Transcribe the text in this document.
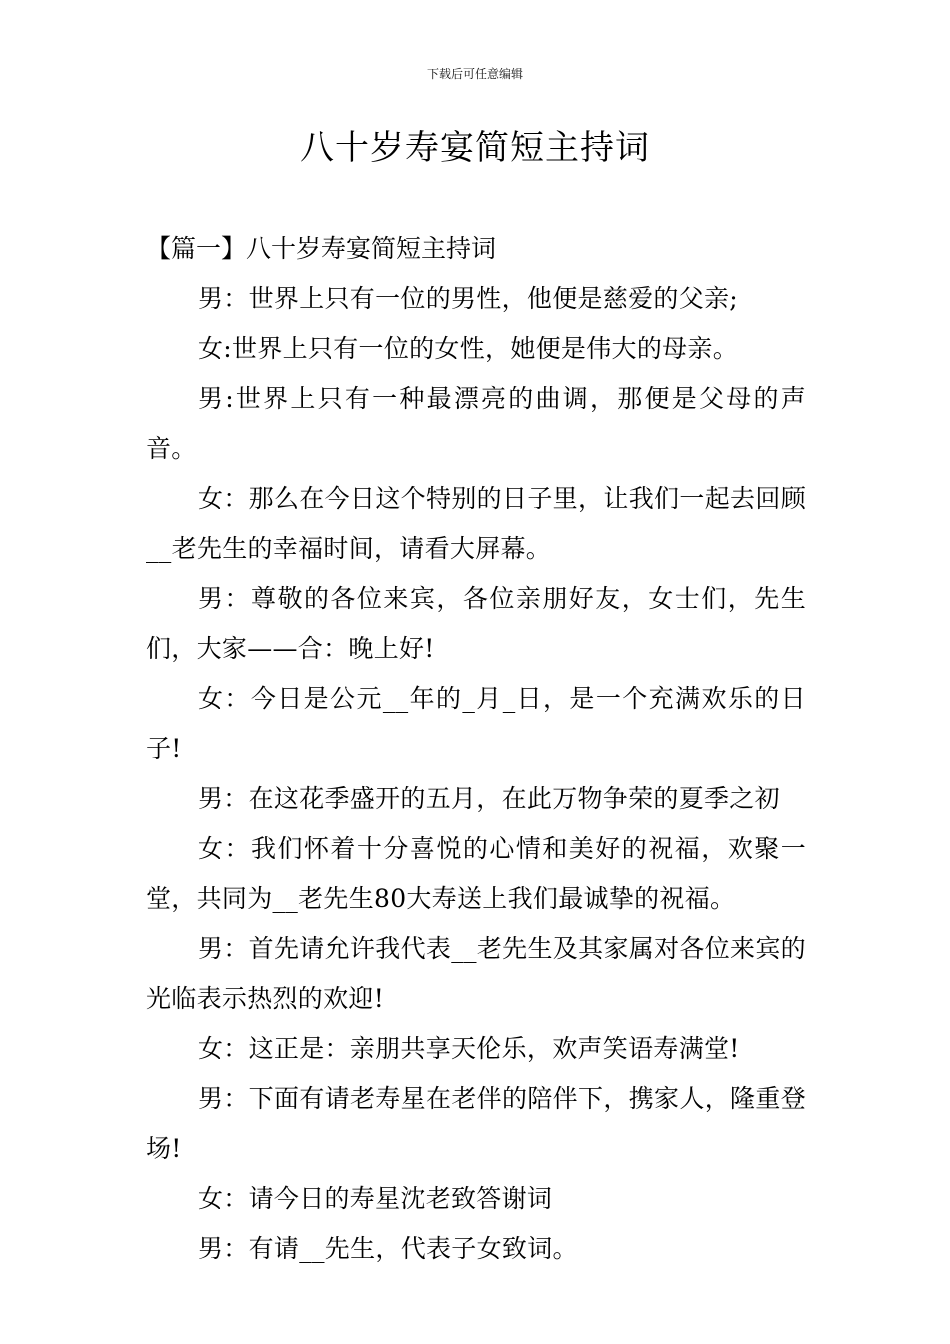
下载后可任意编辑
八十岁寿宴简短主持词

【篇一】八十岁寿宴简短主持词

男：世界上只有一位的男性，他便是慈爱的父亲;

女:世界上只有一位的女性，她便是伟大的母亲。

男:世界上只有一种最漂亮的曲调，那便是父母的声音。

女：那么在今日这个特别的日子里，让我们一起去回顾__老先生的幸福时间，请看大屏幕。

男：尊敬的各位来宾，各位亲朋好友，女士们，先生们，大家——合：晚上好!

女：今日是公元__年的_月_日，是一个充满欢乐的日子!

男：在这花季盛开的五月，在此万物争荣的夏季之初

女：我们怀着十分喜悦的心情和美好的祝福，欢聚一堂，共同为__老先生80大寿送上我们最诚挚的祝福。

男：首先请允许我代表__老先生及其家属对各位来宾的光临表示热烈的欢迎!

女：这正是：亲朋共享天伦乐，欢声笑语寿满堂!

男：下面有请老寿星在老伴的陪伴下，携家人，隆重登场!

女：请今日的寿星沈老致答谢词

男：有请__先生，代表子女致词。
